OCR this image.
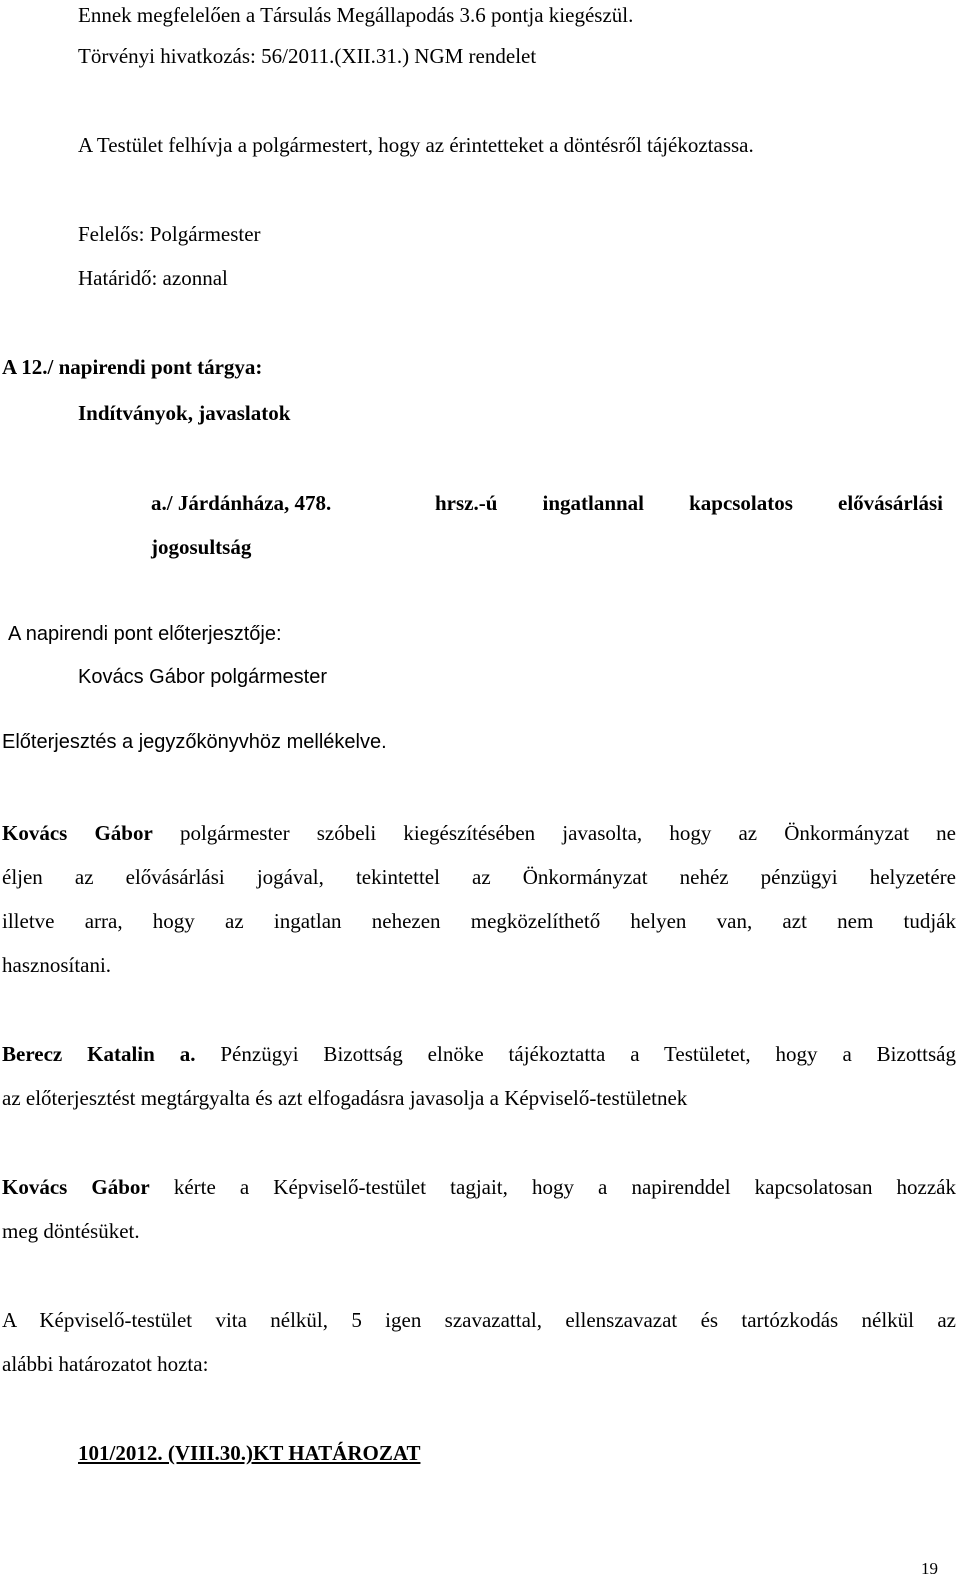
Ennek megfelelően a Társulás Megállapodás 3.6 pontja kiegészül.
Törvényi hivatkozás: 56/2011.(XII.31.) NGM rendelet
A Testület felhívja a polgármestert, hogy az érintetteket a döntésről tájékoztassa.
Felelős: Polgármester
Határidő: azonnal
A 12./ napirendi pont tárgya:
Indítványok, javaslatok
a./ Járdánháza, 478.	hrsz.-ú ingatlannal kapcsolatos elővásárlási
jogosultság
A napirendi pont előterjesztője:
Kovács Gábor polgármester
Előterjesztés a jegyzőkönyvhöz mellékelve.
Kovács Gábor polgármester szóbeli kiegészítésében javasolta, hogy az Önkormányzat ne
éljen az elővásárlási jogával, tekintettel az Önkormányzat nehéz pénzügyi helyzetére
illetve arra, hogy az ingatlan nehezen megközelíthető helyen van, azt nem tudják
hasznosítani.
Berecz Katalin a. Pénzügyi Bizottság elnöke tájékoztatta a Testületet, hogy a Bizottság
az előterjesztést megtárgyalta és azt elfogadásra javasolja a Képviselő-testületnek
Kovács Gábor kérte a Képviselő-testület tagjait, hogy a napirenddel kapcsolatosan hozzák
meg döntésüket.
A Képviselő-testület vita nélkül, 5 igen szavazattal, ellenszavazat és tartózkodás nélkül az
alábbi határozatot hozta:
101/2012. (VIII.30.)KT HATÁROZAT
19
